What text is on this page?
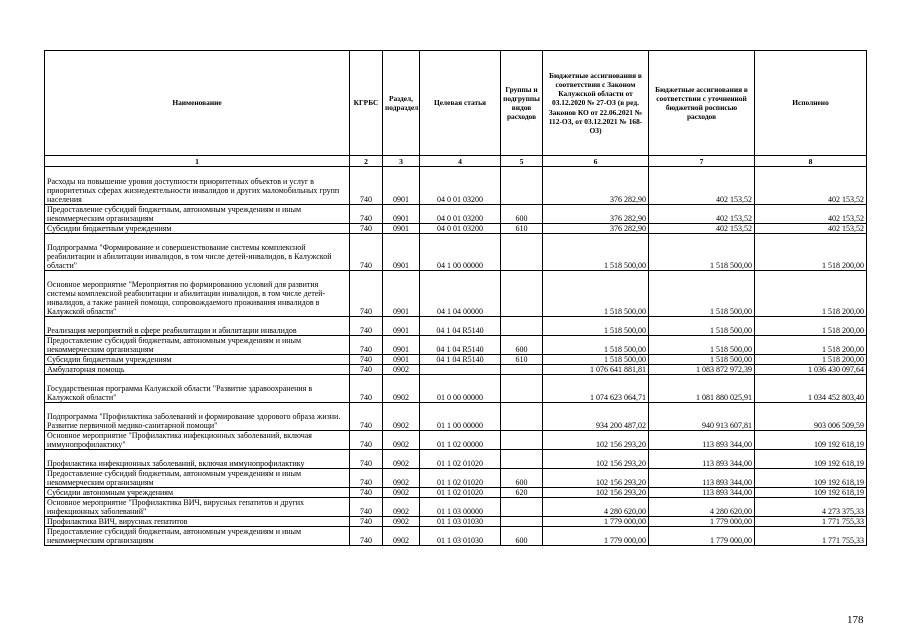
Наименование	КГРБС	Раздел, подраздел	Целевая статья	Группы и подгруппы видов расходов	Бюджетные ассигнования в соответствии с Законом Калужской области от 03.12.2020 № 27-ОЗ (в ред. Законов КО от 22.06.2021 № 112-ОЗ, от 03.12.2021 № 168-ОЗ)	Бюджетные ассигнования в соответствии с уточненной бюджетной росписью расходов	Исполнено
1	2	3	4	5	6	7	8
Расходы на повышение уровня доступности приоритетных объектов и услуг в приоритетных сферах жизнедеятельности инвалидов и других маломобильных групп населения	740	0901	04 0 01 03200		376 282,90	402 153,52	402 153,52
Предоставление субсидий бюджетным, автономным учреждениям и иным некоммерческим организациям	740	0901	04 0 01 03200	600	376 282,90	402 153,52	402 153,52
Субсидии бюджетным учреждениям	740	0901	04 0 01 03200	610	376 282,90	402 153,52	402 153,52
Подпрограмма "Формирование и совершенствование системы комплексной реабилитации и абилитации инвалидов, в том числе детей-инвалидов, в Калужской области"	740	0901	04 1 00 00000		1 518 500,00	1 518 500,00	1 518 200,00
Основное мероприятие "Мероприятия по формированию условий для развития системы комплексной реабилитации и абилитации инвалидов, в том числе детей-инвалидов, а также ранней помощи, сопровождаемого проживания инвалидов в Калужской области"	740	0901	04 1 04 00000		1 518 500,00	1 518 500,00	1 518 200,00
Реализация мероприятий в сфере реабилитации и абилитации инвалидов	740	0901	04 1 04 R5140		1 518 500,00	1 518 500,00	1 518 200,00
Предоставление субсидий бюджетным, автономным учреждениям и иным некоммерческим организациям	740	0901	04 1 04 R5140	600	1 518 500,00	1 518 500,00	1 518 200,00
Субсидии бюджетным учреждениям	740	0901	04 1 04 R5140	610	1 518 500,00	1 518 500,00	1 518 200,00
Амбулаторная помощь	740	0902			1 076 641 881,81	1 083 872 972,39	1 036 430 097,64
Государственная программа Калужской области "Развитие здравоохранения в Калужской области"	740	0902	01 0 00 00000		1 074 623 064,71	1 081 880 025,91	1 034 452 803,40
Подпрограмма "Профилактика заболеваний и формирование здорового образа жизни. Развитие первичной медико-санитарной помощи"	740	0902	01 1 00 00000		934 200 487,02	940 913 607,81	903 006 509,59
Основное мероприятие "Профилактика инфекционных заболеваний, включая иммунопрофилактику"	740	0902	01 1 02 00000		102 156 293,20	113 893 344,00	109 192 618,19
Профилактика инфекционных заболеваний, включая иммунопрофилактику	740	0902	01 1 02 01020		102 156 293,20	113 893 344,00	109 192 618,19
Предоставление субсидий бюджетным, автономным учреждениям и иным некоммерческим организациям	740	0902	01 1 02 01020	600	102 156 293,20	113 893 344,00	109 192 618,19
Субсидии автономным учреждениям	740	0902	01 1 02 01020	620	102 156 293,20	113 893 344,00	109 192 618,19
Основное мероприятие "Профилактика ВИЧ, вирусных гепатитов и других инфекционных заболеваний"	740	0902	01 1 03 00000		4 280 620,00	4 280 620,00	4 273 375,33
Профилактика ВИЧ, вирусных гепатитов	740	0902	01 1 03 01030		1 779 000,00	1 779 000,00	1 771 755,33
Предоставление субсидий бюджетным, автономным учреждениям и иным некоммерческим организациям	740	0902	01 1 03 01030	600	1 779 000,00	1 779 000,00	1 771 755,33
178
